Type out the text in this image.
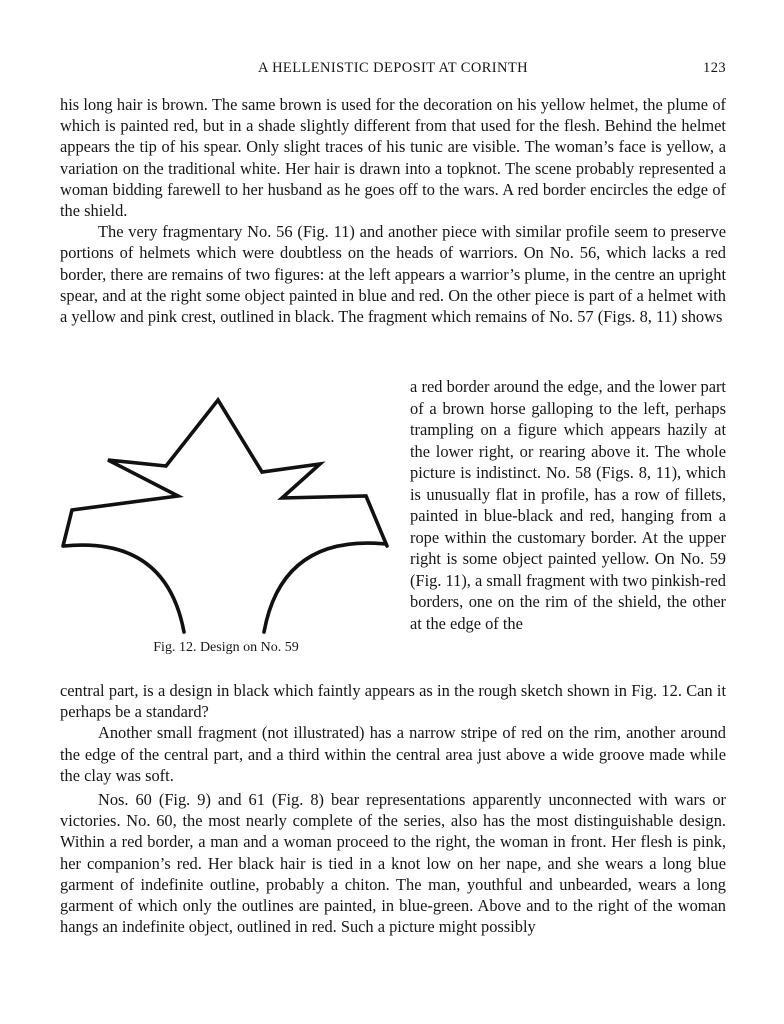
A HELLENISTIC DEPOSIT AT CORINTH	123

his long hair is brown. The same brown is used for the decoration on his yellow helmet, the plume of which is painted red, but in a shade slightly different from that used for the flesh. Behind the helmet appears the tip of his spear. Only slight traces of his tunic are visible. The woman’s face is yellow, a variation on the traditional white. Her hair is drawn into a topknot. The scene probably represented a woman bidding farewell to her husband as he goes off to the wars. A red border encircles the edge of the shield.

The very fragmentary No. 56 (Fig. 11) and another piece with similar profile seem to preserve portions of helmets which were doubtless on the heads of warriors. On No. 56, which lacks a red border, there are remains of two figures: at the left appears a warrior’s plume, in the centre an upright spear, and at the right some object painted in blue and red. On the other piece is part of a helmet with a yellow and pink crest, outlined in black. The fragment which remains of No. 57 (Figs. 8, 11) shows

Fig. 12. Design on No. 59

a red border around the edge, and the lower part of a brown horse galloping to the left, perhaps trampling on a figure which appears hazily at the lower right, or rearing above it. The whole picture is indistinct. No. 58 (Figs. 8, 11), which is unusually flat in profile, has a row of fillets, painted in blue-black and red, hanging from a rope within the customary border. At the upper right is some object painted yellow. On No. 59 (Fig. 11), a small fragment with two pinkish-red borders, one on the rim of the shield, the other at the edge of the

central part, is a design in black which faintly appears as in the rough sketch shown in Fig. 12. Can it perhaps be a standard?

Another small fragment (not illustrated) has a narrow stripe of red on the rim, another around the edge of the central part, and a third within the central area just above a wide groove made while the clay was soft.

Nos. 60 (Fig. 9) and 61 (Fig. 8) bear representations apparently unconnected with wars or victories. No. 60, the most nearly complete of the series, also has the most distinguishable design. Within a red border, a man and a woman proceed to the right, the woman in front. Her flesh is pink, her companion’s red. Her black hair is tied in a knot low on her nape, and she wears a long blue garment of indefinite outline, probably a chiton. The man, youthful and unbearded, wears a long garment of which only the outlines are painted, in blue-green. Above and to the right of the woman hangs an indefinite object, outlined in red. Such a picture might possibly
